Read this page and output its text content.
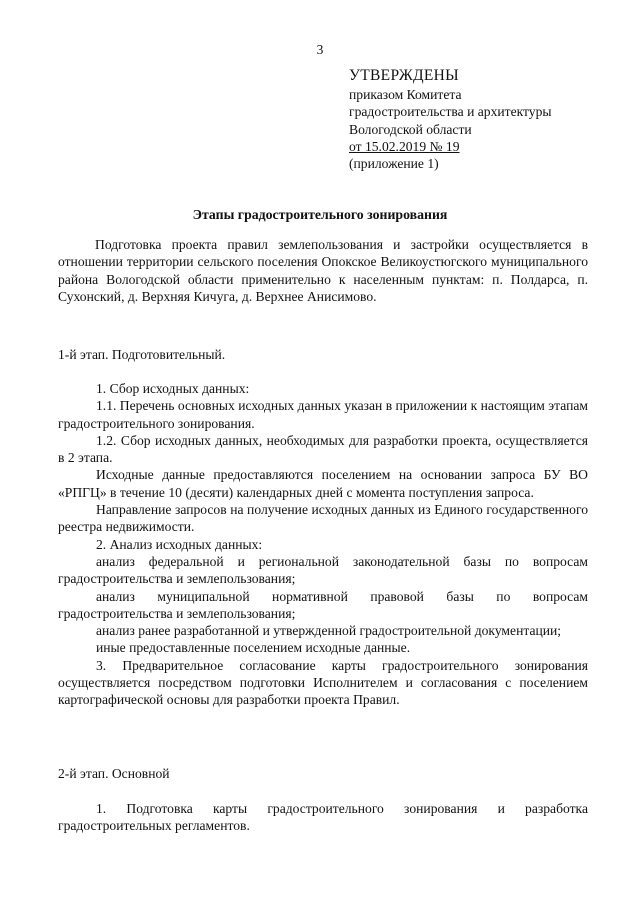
3
УТВЕРЖДЕНЫ
приказом Комитета
градостроительства и архитектуры
Вологодской области
от 15.02.2019 № 19
(приложение 1)
Этапы градостроительного зонирования

Подготовка проекта правил землепользования и застройки осуществляется в отношении территории сельского поселения Опокское Великоустюгского муниципального района Вологодской области применительно к населенным пунктам: п. Полдарса, п. Сухонский, д. Верхняя Кичуга, д. Верхнее Анисимово.

1-й этап. Подготовительный.

1. Сбор исходных данных:

1.1. Перечень основных исходных данных указан в приложении к настоящим этапам градостроительного зонирования.

1.2. Сбор исходных данных, необходимых для разработки проекта, осуществляется в 2 этапа.

Исходные данные предоставляются поселением на основании запроса БУ ВО «РПГЦ» в течение 10 (десяти) календарных дней с момента поступления запроса.

Направление запросов на получение исходных данных из Единого государственного реестра недвижимости.

2. Анализ исходных данных:

анализ федеральной и региональной законодательной базы по вопросам градостроительства и землепользования;

анализ муниципальной нормативной правовой базы по вопросам градостроительства и землепользования;

анализ ранее разработанной и утвержденной градостроительной документации;

иные предоставленные поселением исходные данные.

3. Предварительное согласование карты градостроительного зонирования осуществляется посредством подготовки Исполнителем и согласования с поселением картографической основы для разработки проекта Правил.

2-й этап. Основной

1. Подготовка карты градостроительного зонирования и разработка градостроительных регламентов.
